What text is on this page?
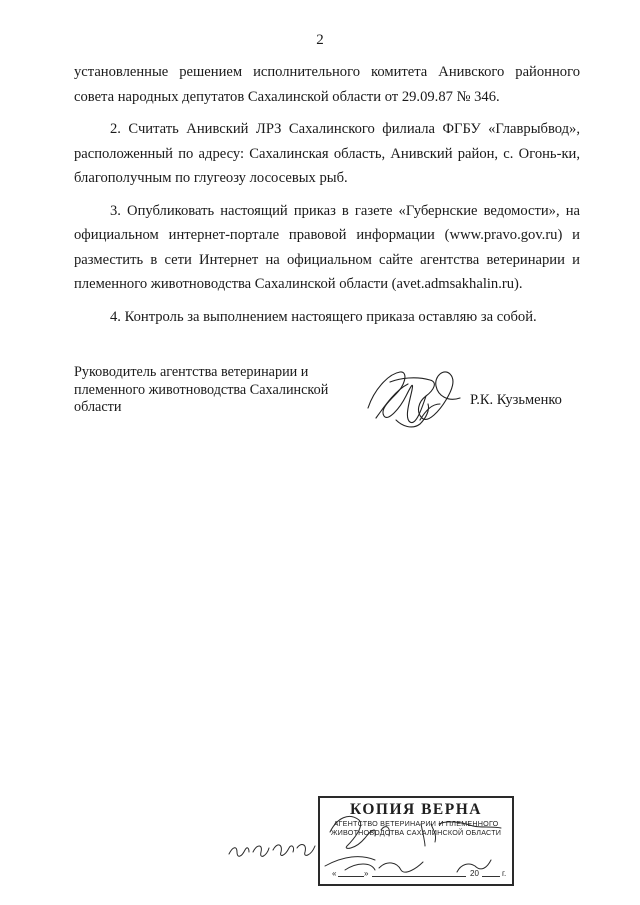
2

установленные решением исполнительного комитета Анивского районного

совета народных депутатов Сахалинской области от 29.09.87 № 346.

2. Считать Анивский ЛРЗ Сахалинского филиала ФГБУ «Главрыбвод», расположенный по адресу: Сахалинская область, Анивский район, с. Огонь-ки, благополучным по глугеозу лососевых рыб.

3. Опубликовать настоящий приказ в газете «Губернские ведомости», на официальном интернет-портале правовой информации (www.pravo.gov.ru) и разместить в сети Интернет на официальном сайте агентства ветеринарии и племенного животноводства Сахалинской области (avet.admsakhalin.ru).

4. Контроль за выполнением настоящего приказа оставляю за собой.

Руководитель агентства ветеринарии и
племенного животноводства Сахалинской
области	Р.К. Кузьменко
КОПИЯ ВЕРНА
АГЕНТСТВО ВЕТЕРИНАРИИ И ПЛЕМЕННОГО
ЖИВОТНОВОДСТВА САХАЛИНСКОЙ ОБЛАСТИ
«	»	20	г.
